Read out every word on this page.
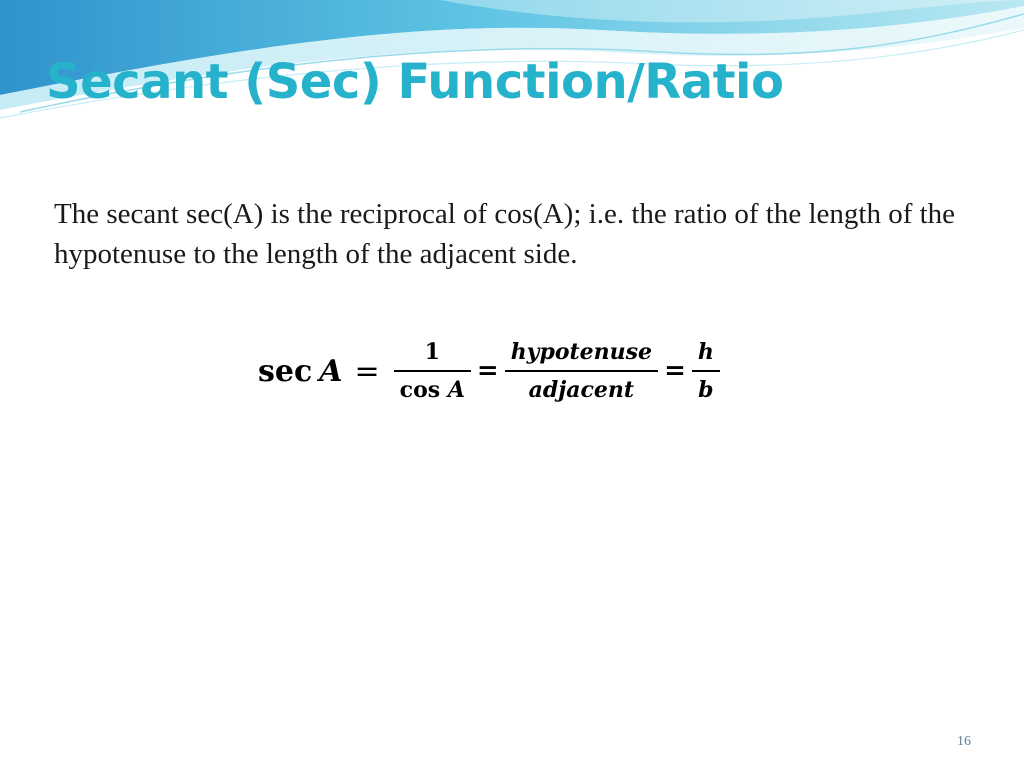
Secant (Sec) Function/Ratio

The secant sec(A) is the reciprocal of cos(A); i.e. the ratio of the length of the hypotenuse to the length of the adjacent side.

$\sec A = \frac{1}{\text{cos A}} = \frac{\text{hypotenuse}}{\text{adjacent}} = \frac{h}{b}$
16
